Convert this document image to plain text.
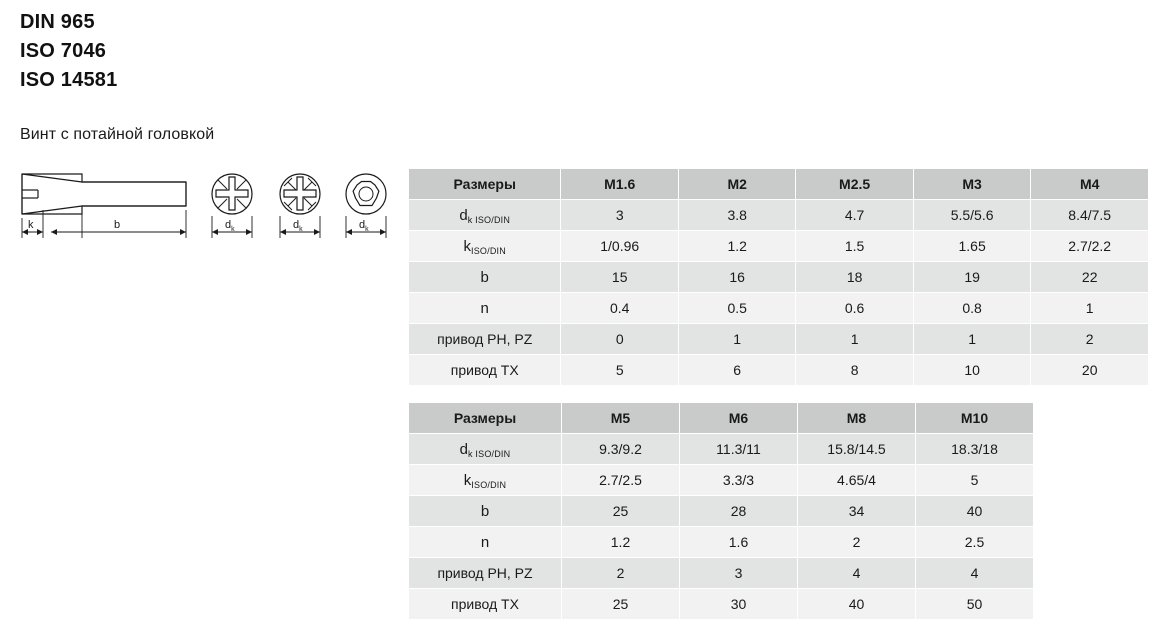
DIN 965
ISO 7046
ISO 14581
Винт с потайной головкой
k	b	$d_k$	$d_k$	$d_k$
Размеры	M1.6	M2	M2.5	M3	M4
$d_{k ISO/DIN}$	3	3.8	4.7	5.5/5.6	8.4/7.5
$k_{ISO/DIN}$	1/0.96	1.2	1.5	1.65	2.7/2.2
b	15	16	18	19	22
n	0.4	0.5	0.6	0.8	1
привод PH, PZ	0	1	1	1	2
привод TX	5	6	8	10	20
Размеры	M5	M6	M8	M10
$d_{k ISO/DIN}$	9.3/9.2	11.3/11	15.8/14.5	18.3/18
$k_{ISO/DIN}$	2.7/2.5	3.3/3	4.65/4	5
b	25	28	34	40
n	1.2	1.6	2	2.5
привод PH, PZ	2	3	4	4
привод TX	25	30	40	50
